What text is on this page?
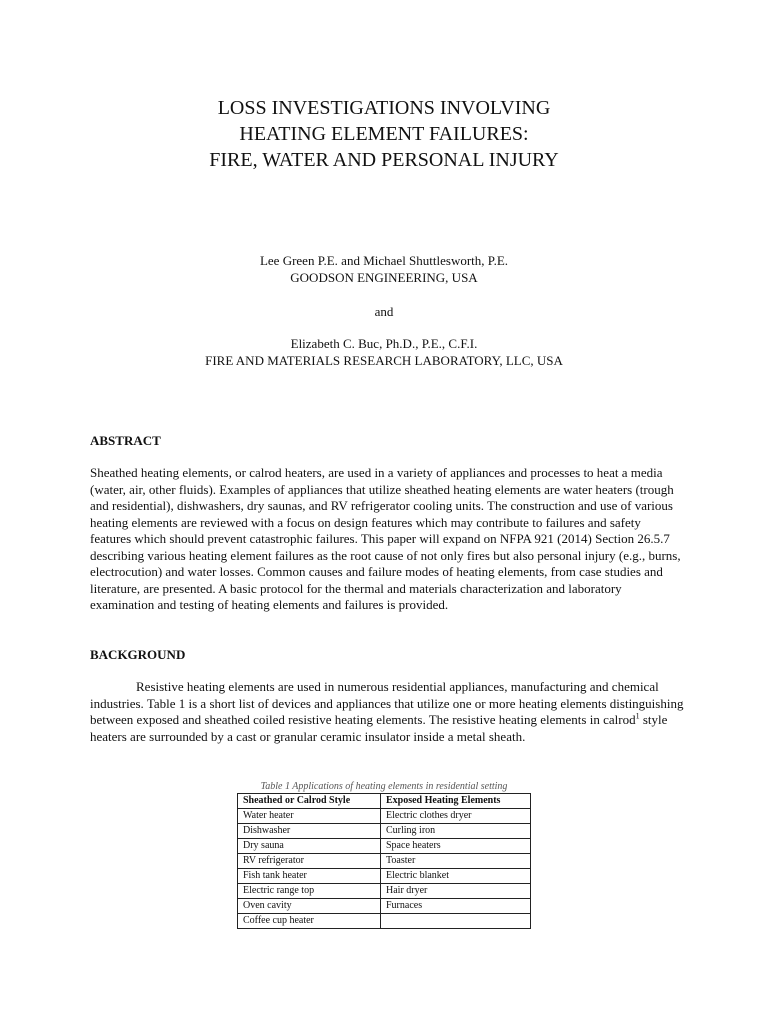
LOSS INVESTIGATIONS INVOLVING
HEATING ELEMENT FAILURES:
FIRE, WATER AND PERSONAL INJURY
Lee Green P.E. and Michael Shuttlesworth, P.E.
GOODSON ENGINEERING, USA
and
Elizabeth C. Buc, Ph.D., P.E., C.F.I.
FIRE AND MATERIALS RESEARCH LABORATORY, LLC, USA
ABSTRACT

Sheathed heating elements, or calrod heaters, are used in a variety of appliances and processes to heat a media (water, air, other fluids). Examples of appliances that utilize sheathed heating elements are water heaters (trough and residential), dishwashers, dry saunas, and RV refrigerator cooling units. The construction and use of various heating elements are reviewed with a focus on design features which may contribute to failures and safety features which should prevent catastrophic failures. This paper will expand on NFPA 921 (2014) Section 26.5.7 describing various heating element failures as the root cause of not only fires but also personal injury (e.g., burns, electrocution) and water losses. Common causes and failure modes of heating elements, from case studies and literature, are presented. A basic protocol for the thermal and materials characterization and laboratory examination and testing of heating elements and failures is provided.

BACKGROUND

Resistive heating elements are used in numerous residential appliances, manufacturing and chemical industries. Table 1 is a short list of devices and appliances that utilize one or more heating elements distinguishing between exposed and sheathed coiled resistive heating elements. The resistive heating elements in calrod$^1$ style heaters are surrounded by a cast or granular ceramic insulator inside a metal sheath.

Table 1 Applications of heating elements in residential setting
Sheathed or Calrod Style	Exposed Heating Elements
Water heater	Electric clothes dryer
Dishwasher	Curling iron
Dry sauna	Space heaters
RV refrigerator	Toaster
Fish tank heater	Electric blanket
Electric range top	Hair dryer
Oven cavity	Furnaces
Coffee cup heater	
